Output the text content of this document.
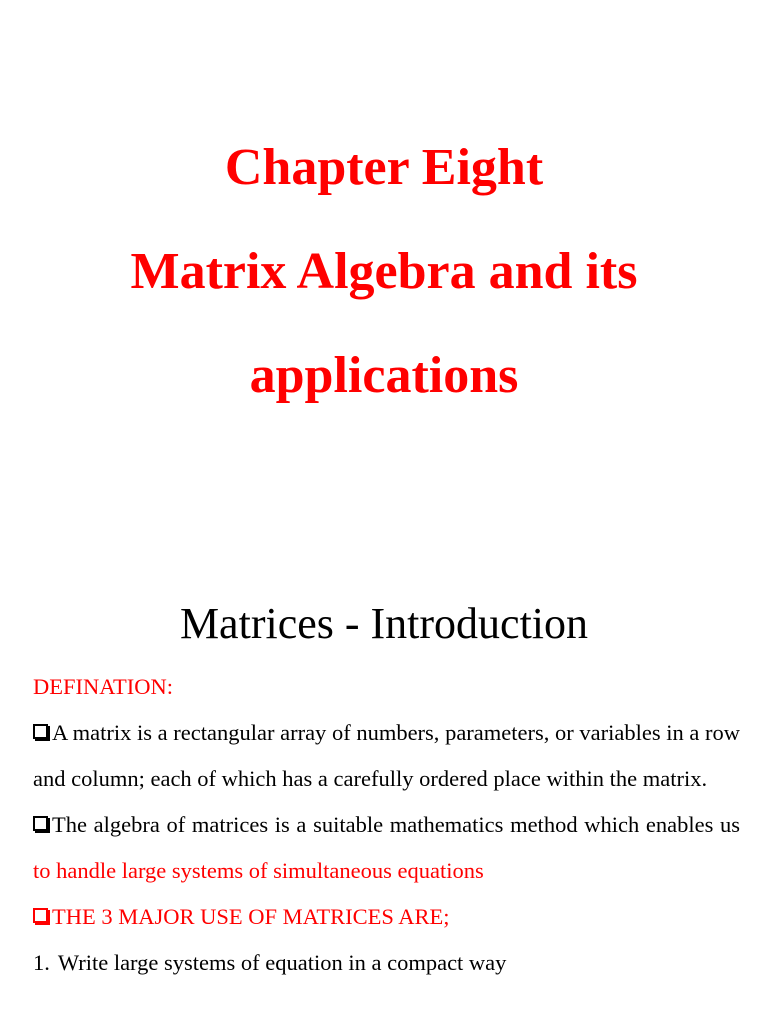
Chapter Eight
Matrix Algebra and its
applications
Matrices - Introduction

DEFINATION:

A matrix is a rectangular array of numbers, parameters, or variables in a row and column; each of which has a carefully ordered place within the matrix.

The algebra of matrices is a suitable mathematics method which enables us to handle large systems of simultaneous equations

THE 3 MAJOR USE OF MATRICES ARE;

1. Write large systems of equation in a compact way
